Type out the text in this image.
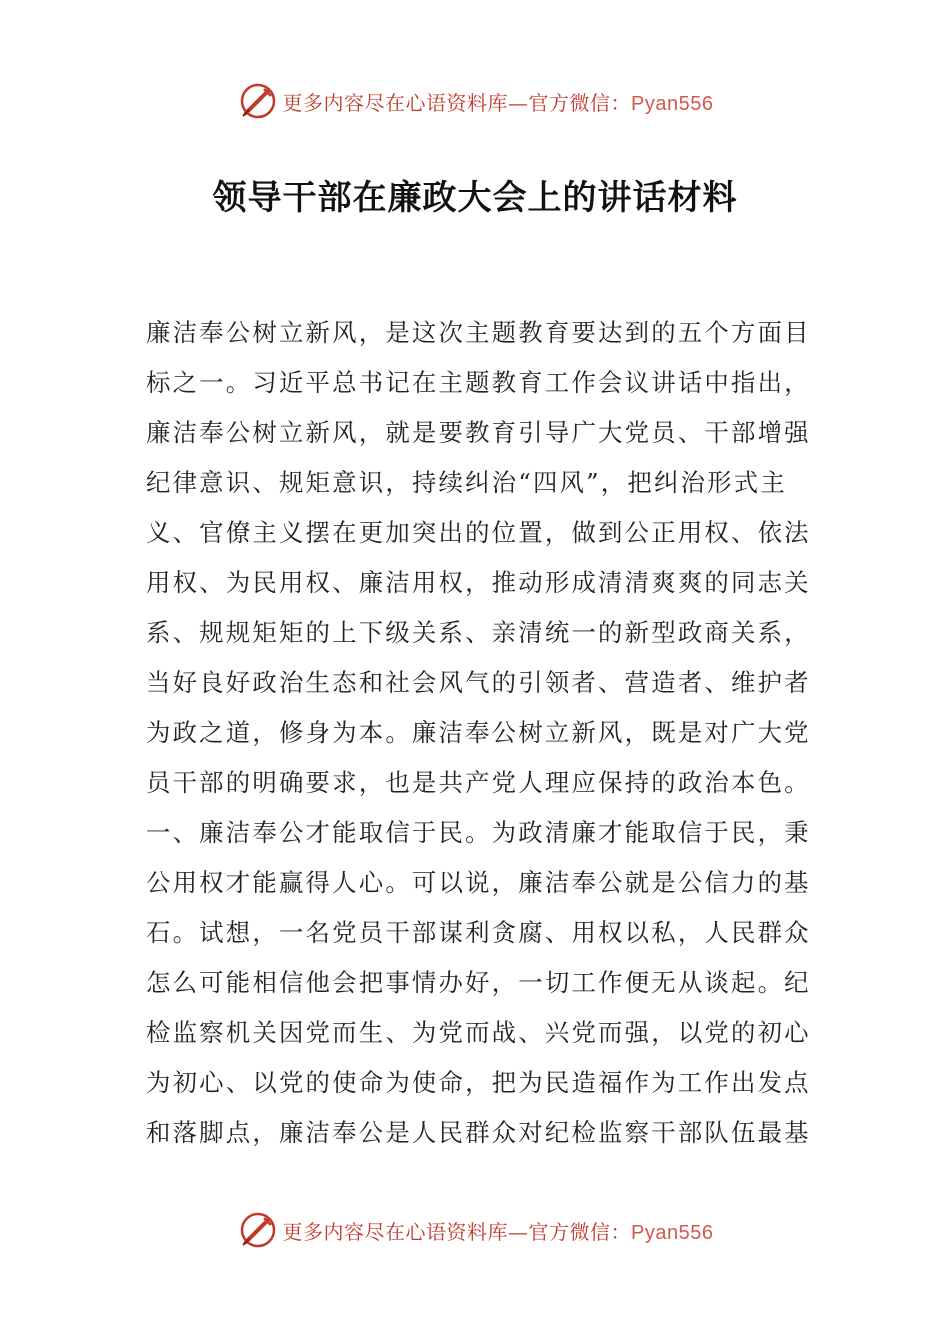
更多内容尽在心语资料库—官方微信：Pyan556
领导干部在廉政大会上的讲话材料
廉洁奉公树立新风，是这次主题教育要达到的五个方面目
标之一。习近平总书记在主题教育工作会议讲话中指出，
廉洁奉公树立新风，就是要教育引导广大党员、干部增强
纪律意识、规矩意识，持续纠治“四风”，把纠治形式主
义、官僚主义摆在更加突出的位置，做到公正用权、依法
用权、为民用权、廉洁用权，推动形成清清爽爽的同志关
系、规规矩矩的上下级关系、亲清统一的新型政商关系，
当好良好政治生态和社会风气的引领者、营造者、维护者
为政之道，修身为本。廉洁奉公树立新风，既是对广大党
员干部的明确要求，也是共产党人理应保持的政治本色。
一、廉洁奉公才能取信于民。为政清廉才能取信于民，秉
公用权才能赢得人心。可以说，廉洁奉公就是公信力的基
石。试想，一名党员干部谋利贪腐、用权以私，人民群众
怎么可能相信他会把事情办好，一切工作便无从谈起。纪
检监察机关因党而生、为党而战、兴党而强，以党的初心
为初心、以党的使命为使命，把为民造福作为工作出发点
和落脚点，廉洁奉公是人民群众对纪检监察干部队伍最基
更多内容尽在心语资料库—官方微信：Pyan556
